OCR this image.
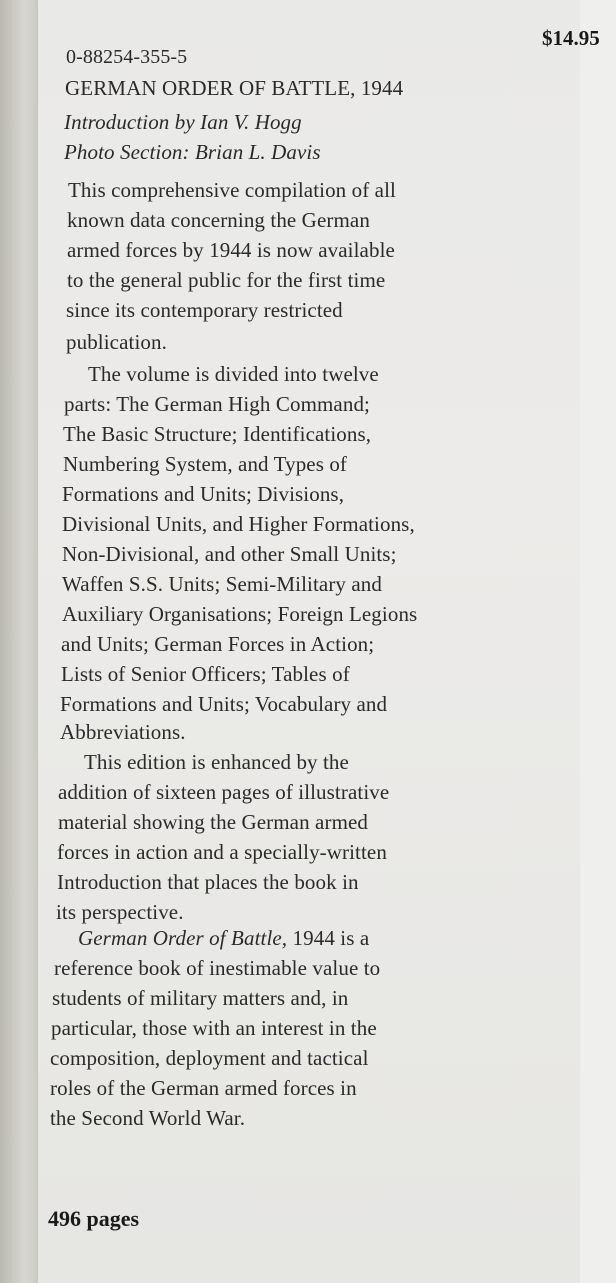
$14.95
0-88254-355-5
GERMAN ORDER OF BATTLE, 1944
Introduction by Ian V. Hogg
Photo Section: Brian L. Davis
This comprehensive compilation of all
known data concerning the German
armed forces by 1944 is now available
to the general public for the first time
since its contemporary restricted
publication.
The volume is divided into twelve
parts: The German High Command;
The Basic Structure; Identifications,
Numbering System, and Types of
Formations and Units; Divisions,
Divisional Units, and Higher Formations,
Non-Divisional, and other Small Units;
Waffen S.S. Units; Semi-Military and
Auxiliary Organisations; Foreign Legions
and Units; German Forces in Action;
Lists of Senior Officers; Tables of
Formations and Units; Vocabulary and
Abbreviations.
This edition is enhanced by the
addition of sixteen pages of illustrative
material showing the German armed
forces in action and a specially-written
Introduction that places the book in
its perspective.
German Order of Battle, 1944 is a
reference book of inestimable value to
students of military matters and, in
particular, those with an interest in the
composition, deployment and tactical
roles of the German armed forces in
the Second World War.
496 pages
